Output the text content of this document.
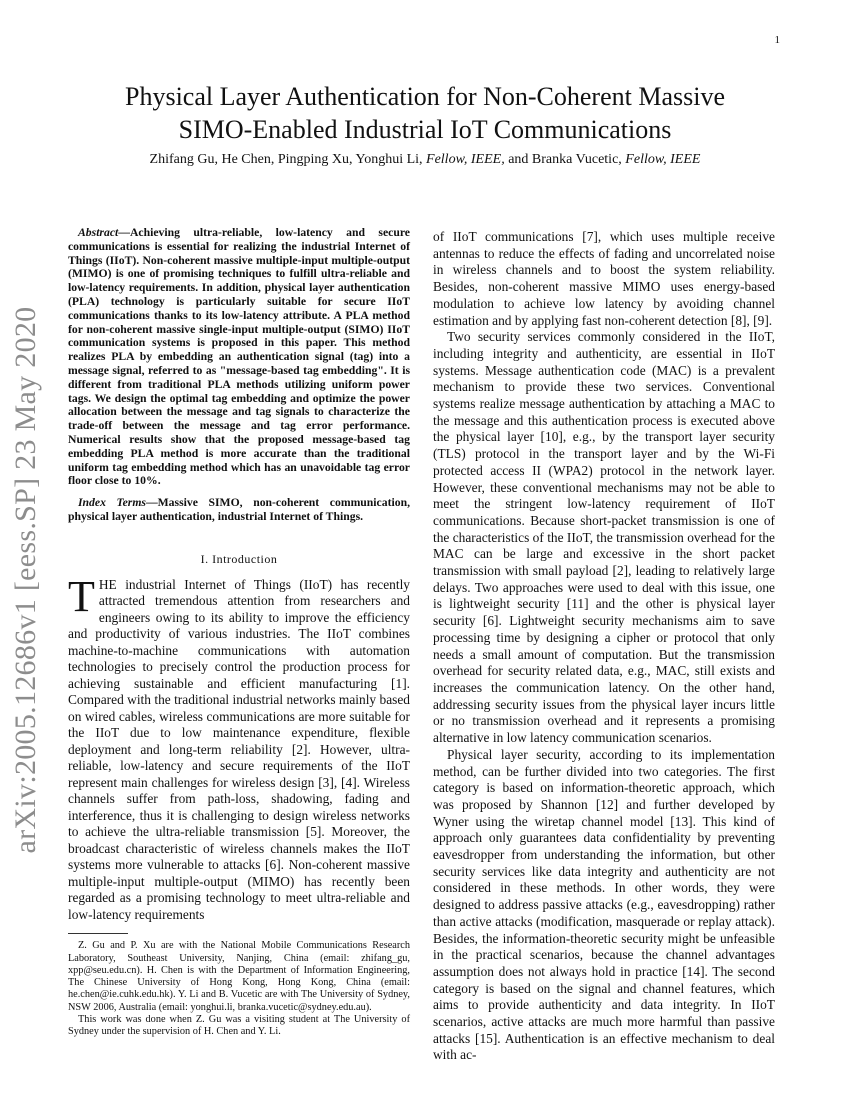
1
arXiv:2005.12686v1 [eess.SP] 23 May 2020
Physical Layer Authentication for Non-Coherent Massive
SIMO-Enabled Industrial IoT Communications
Zhifang Gu, He Chen, Pingping Xu, Yonghui Li, Fellow, IEEE, and Branka Vucetic, Fellow, IEEE

Abstract—Achieving ultra-reliable, low-latency and secure communications is essential for realizing the industrial Internet of Things (IIoT). Non-coherent massive multiple-input multiple-output (MIMO) is one of promising techniques to fulfill ultra-reliable and low-latency requirements. In addition, physical layer authentication (PLA) technology is particularly suitable for secure IIoT communications thanks to its low-latency attribute. A PLA method for non-coherent massive single-input multiple-output (SIMO) IIoT communication systems is proposed in this paper. This method realizes PLA by embedding an authentication signal (tag) into a message signal, referred to as "message-based tag embedding". It is different from traditional PLA methods utilizing uniform power tags. We design the optimal tag embedding and optimize the power allocation between the message and tag signals to characterize the trade-off between the message and tag error performance. Numerical results show that the proposed message-based tag embedding PLA method is more accurate than the traditional uniform tag embedding method which has an unavoidable tag error floor close to 10%.

Index Terms—Massive SIMO, non-coherent communication, physical layer authentication, industrial Internet of Things.

I. Introduction

THE industrial Internet of Things (IIoT) has recently attracted tremendous attention from researchers and engineers owing to its ability to improve the efficiency and productivity of various industries. The IIoT combines machine-to-machine communications with automation technologies to precisely control the production process for achieving sustainable and efficient manufacturing [1]. Compared with the traditional industrial networks mainly based on wired cables, wireless communications are more suitable for the IIoT due to low maintenance expenditure, flexible deployment and long-term reliability [2]. However, ultra-reliable, low-latency and secure requirements of the IIoT represent main challenges for wireless design [3], [4]. Wireless channels suffer from path-loss, shadowing, fading and interference, thus it is challenging to design wireless networks to achieve the ultra-reliable transmission [5]. Moreover, the broadcast characteristic of wireless channels makes the IIoT systems more vulnerable to attacks [6]. Non-coherent massive multiple-input multiple-output (MIMO) has recently been regarded as a promising technology to meet ultra-reliable and low-latency requirements

Z. Gu and P. Xu are with the National Mobile Communications Research Laboratory, Southeast University, Nanjing, China (email: zhifang_gu, xpp@seu.edu.cn). H. Chen is with the Department of Information Engineering, The Chinese University of Hong Kong, Hong Kong, China (email: he.chen@ie.cuhk.edu.hk). Y. Li and B. Vucetic are with The University of Sydney, NSW 2006, Australia (email: yonghui.li, branka.vucetic@sydney.edu.au).

This work was done when Z. Gu was a visiting student at The University of Sydney under the supervision of H. Chen and Y. Li.

of IIoT communications [7], which uses multiple receive antennas to reduce the effects of fading and uncorrelated noise in wireless channels and to boost the system reliability. Besides, non-coherent massive MIMO uses energy-based modulation to achieve low latency by avoiding channel estimation and by applying fast non-coherent detection [8], [9].

Two security services commonly considered in the IIoT, including integrity and authenticity, are essential in IIoT systems. Message authentication code (MAC) is a prevalent mechanism to provide these two services. Conventional systems realize message authentication by attaching a MAC to the message and this authentication process is executed above the physical layer [10], e.g., by the transport layer security (TLS) protocol in the transport layer and by the Wi-Fi protected access II (WPA2) protocol in the network layer. However, these conventional mechanisms may not be able to meet the stringent low-latency requirement of IIoT communications. Because short-packet transmission is one of the characteristics of the IIoT, the transmission overhead for the MAC can be large and excessive in the short packet transmission with small payload [2], leading to relatively large delays. Two approaches were used to deal with this issue, one is lightweight security [11] and the other is physical layer security [6]. Lightweight security mechanisms aim to save processing time by designing a cipher or protocol that only needs a small amount of computation. But the transmission overhead for security related data, e.g., MAC, still exists and increases the communication latency. On the other hand, addressing security issues from the physical layer incurs little or no transmission overhead and it represents a promising alternative in low latency communication scenarios.

Physical layer security, according to its implementation method, can be further divided into two categories. The first category is based on information-theoretic approach, which was proposed by Shannon [12] and further developed by Wyner using the wiretap channel model [13]. This kind of approach only guarantees data confidentiality by preventing eavesdropper from understanding the information, but other security services like data integrity and authenticity are not considered in these methods. In other words, they were designed to address passive attacks (e.g., eavesdropping) rather than active attacks (modification, masquerade or replay attack). Besides, the information-theoretic security might be unfeasible in the practical scenarios, because the channel advantages assumption does not always hold in practice [14]. The second category is based on the signal and channel features, which aims to provide authenticity and data integrity. In IIoT scenarios, active attacks are much more harmful than passive attacks [15]. Authentication is an effective mechanism to deal with ac-
